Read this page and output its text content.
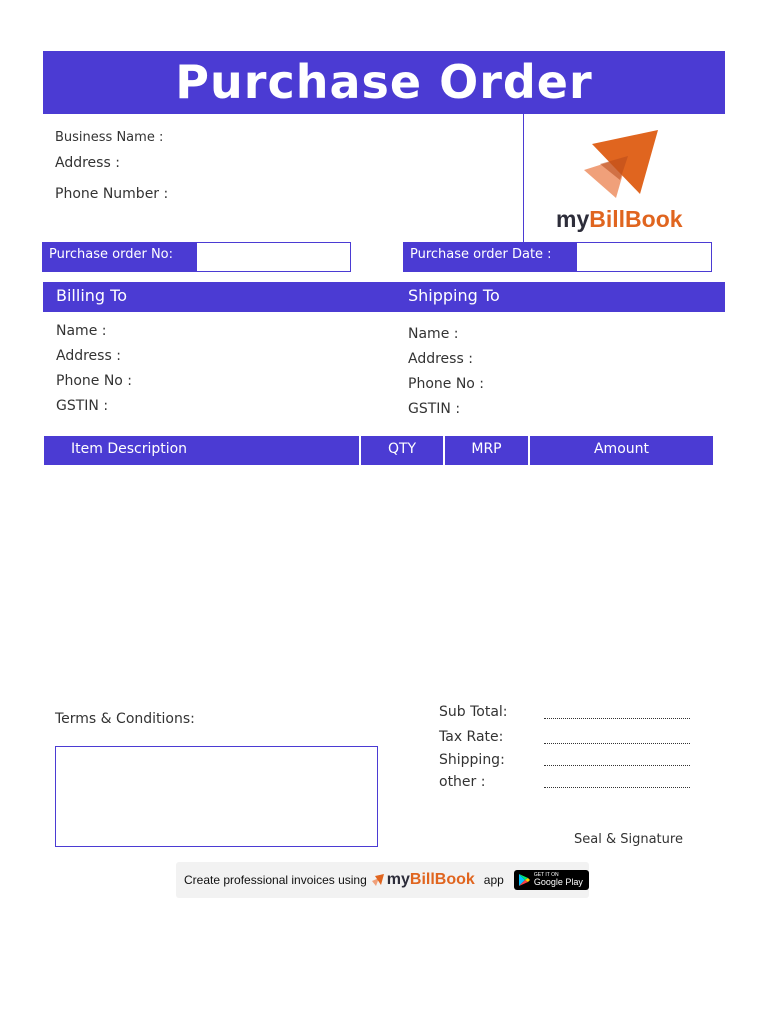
Purchase Order
Business Name :
Address :
Phone Number :
myBillBook
Purchase order No:	Purchase order Date :
Billing To	Shipping To
Name :
Address :
Phone No :
GSTIN :
Name :
Address :
Phone No :
GSTIN :
Item Description	QTY	MRP	Amount
Terms & Conditions:	Sub Total:
Tax Rate:
Shipping:
other :
Seal & Signature
Create professional invoices using myBillBook app	GET IT ON
Google Play
